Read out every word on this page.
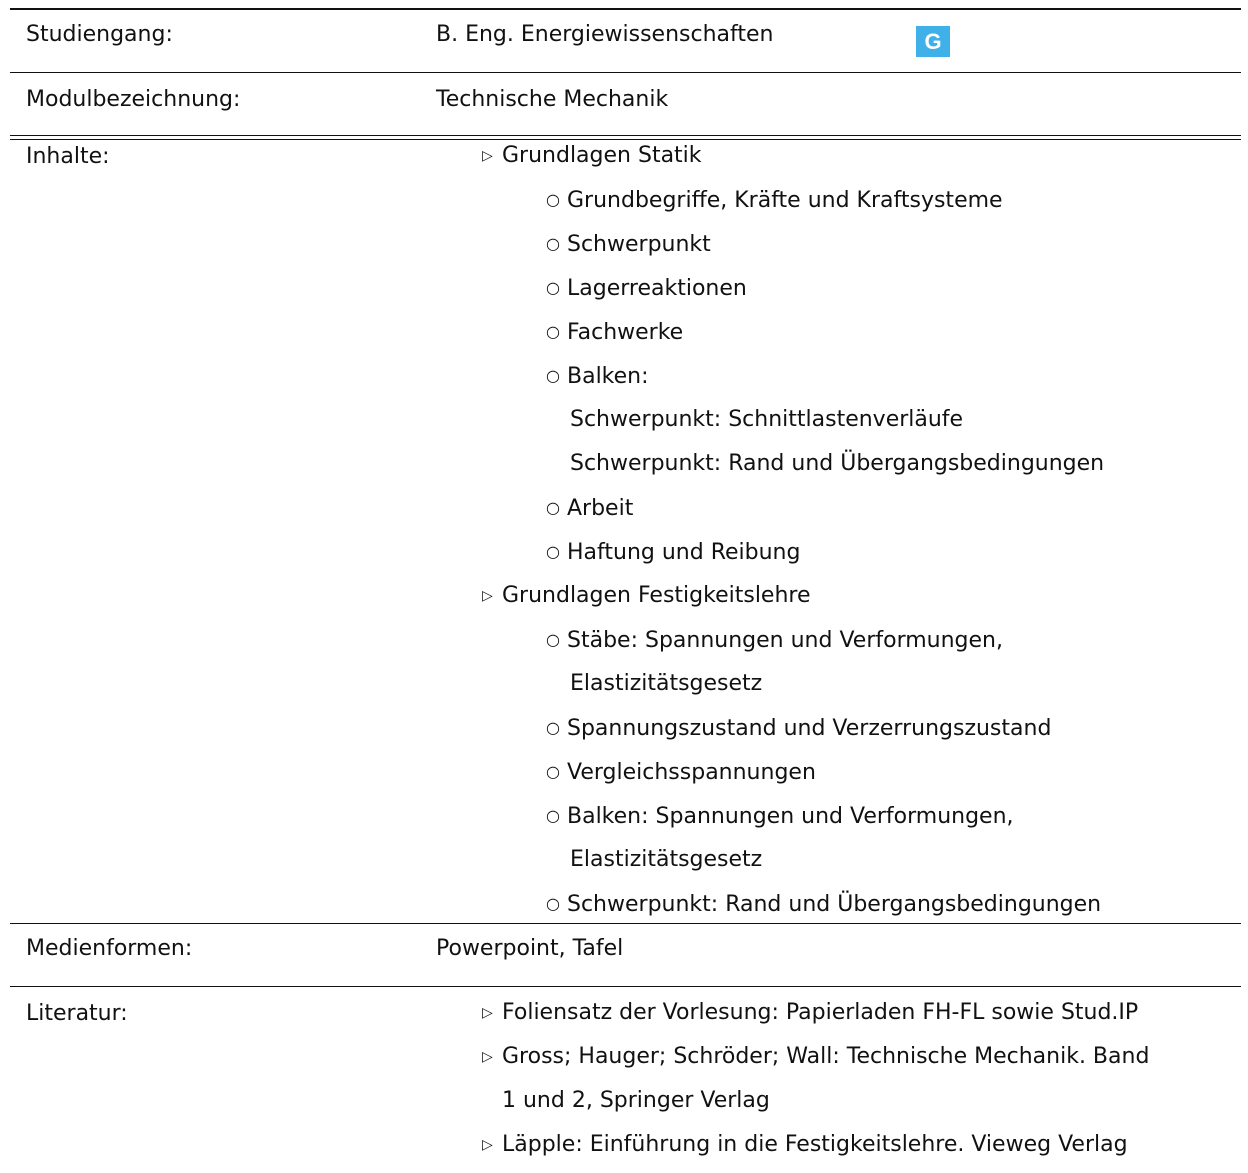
Studiengang:	B. Eng. Energiewissenschaften	G
Modulbezeichnung:	Technische Mechanik
Inhalte:	▷ Grundlagen Statik
○ Grundbegriffe, Kräfte und Kraftsysteme
○ Schwerpunkt
○ Lagerreaktionen
○ Fachwerke
○ Balken:
Schwerpunkt: Schnittlastenverläufe
Schwerpunkt: Rand und Übergangsbedingungen
○ Arbeit
○ Haftung und Reibung
▷ Grundlagen Festigkeitslehre
○ Stäbe: Spannungen und Verformungen,
Elastizitätsgesetz
○ Spannungszustand und Verzerrungszustand
○ Vergleichsspannungen
○ Balken: Spannungen und Verformungen,
Elastizitätsgesetz
○ Schwerpunkt: Rand und Übergangsbedingungen
Medienformen:	Powerpoint, Tafel
Literatur:	▷ Foliensatz der Vorlesung: Papierladen FH-FL sowie Stud.IP
▷ Gross; Hauger; Schröder; Wall: Technische Mechanik. Band
1 und 2, Springer Verlag
▷ Läpple: Einführung in die Festigkeitslehre. Vieweg Verlag
